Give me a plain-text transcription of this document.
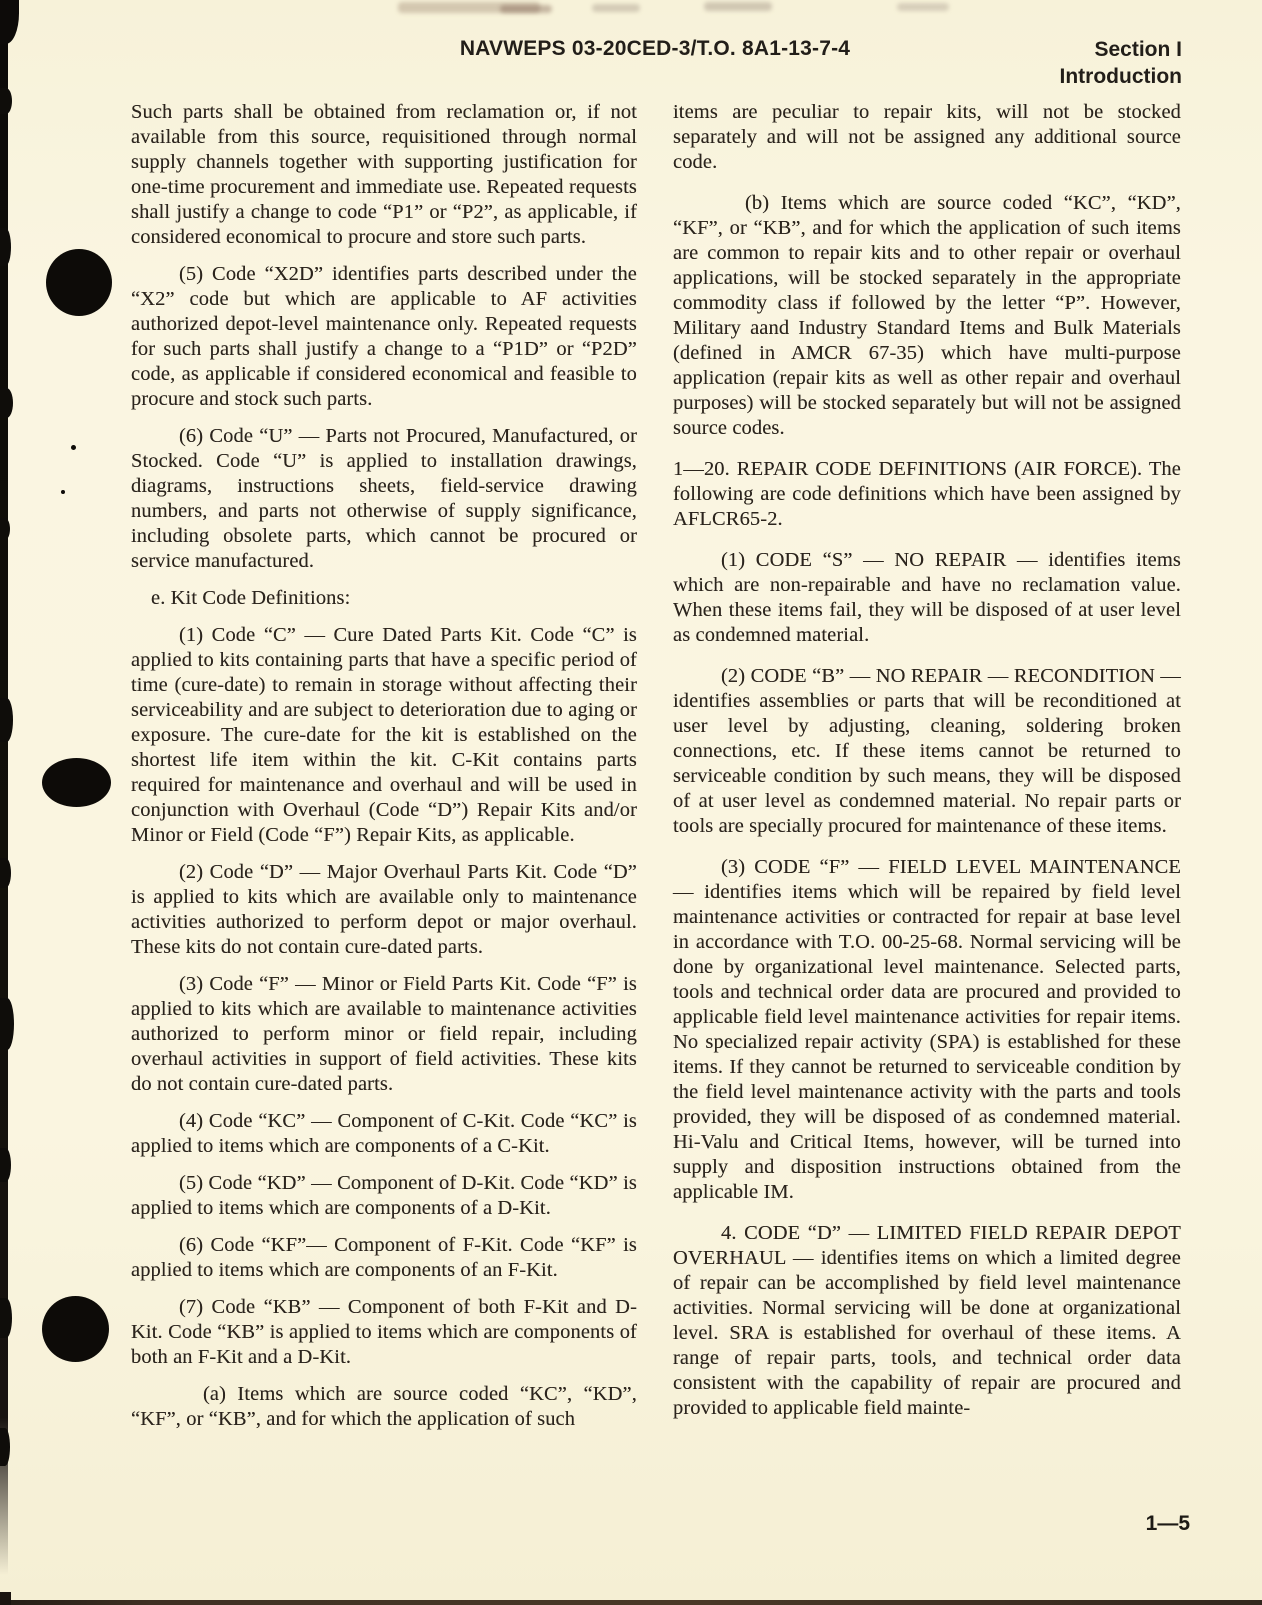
NAVWEPS 03-20CED-3/T.O. 8A1-13-7-4	Section I
Introduction

Such parts shall be obtained from reclamation or, if not available from this source, requisitioned through normal supply channels together with supporting justification for one-time procurement and immediate use. Repeated requests shall justify a change to code “P1” or “P2”, as applicable, if considered economical to procure and store such parts.

(5) Code “X2D” identifies parts described under the “X2” code but which are applicable to AF activities authorized depot-level maintenance only. Repeated requests for such parts shall justify a change to a “P1D” or “P2D” code, as applicable if considered economical and feasible to procure and stock such parts.

(6) Code “U” — Parts not Procured, Manufactured, or Stocked. Code “U” is applied to installation drawings, diagrams, instructions sheets, field-service drawing numbers, and parts not otherwise of supply significance, including obsolete parts, which cannot be procured or service manufactured.

e. Kit Code Definitions:

(1) Code “C” — Cure Dated Parts Kit. Code “C” is applied to kits containing parts that have a specific period of time (cure-date) to remain in storage without affecting their serviceability and are subject to deterioration due to aging or exposure. The cure-date for the kit is established on the shortest life item within the kit. C-Kit contains parts required for maintenance and overhaul and will be used in conjunction with Overhaul (Code “D”) Repair Kits and/or Minor or Field (Code “F”) Repair Kits, as applicable.

(2) Code “D” — Major Overhaul Parts Kit. Code “D” is applied to kits which are available only to maintenance activities authorized to perform depot or major overhaul. These kits do not contain cure-dated parts.

(3) Code “F” — Minor or Field Parts Kit. Code “F” is applied to kits which are available to maintenance activities authorized to perform minor or field repair, including overhaul activities in support of field activities. These kits do not contain cure-dated parts.

(4) Code “KC” — Component of C-Kit. Code “KC” is applied to items which are components of a C-Kit.

(5) Code “KD” — Component of D-Kit. Code “KD” is applied to items which are components of a D-Kit.

(6) Code “KF”— Component of F-Kit. Code “KF” is applied to items which are components of an F-Kit.

(7) Code “KB” — Component of both F-Kit and D-Kit. Code “KB” is applied to items which are components of both an F-Kit and a D-Kit.

(a) Items which are source coded “KC”, “KD”, “KF”, or “KB”, and for which the application of such

items are peculiar to repair kits, will not be stocked separately and will not be assigned any additional source code.

(b) Items which are source coded “KC”, “KD”, “KF”, or “KB”, and for which the application of such items are common to repair kits and to other repair or overhaul applications, will be stocked separately in the appropriate commodity class if followed by the letter “P”. However, Military aand Industry Standard Items and Bulk Materials (defined in AMCR 67-35) which have multi-purpose application (repair kits as well as other repair and overhaul purposes) will be stocked separately but will not be assigned source codes.

1—20. REPAIR CODE DEFINITIONS (AIR FORCE). The following are code definitions which have been assigned by AFLCR65-2.

(1) CODE “S” — NO REPAIR — identifies items which are non-repairable and have no reclamation value. When these items fail, they will be disposed of at user level as condemned material.

(2) CODE “B” — NO REPAIR — RECONDITION — identifies assemblies or parts that will be reconditioned at user level by adjusting, cleaning, soldering broken connections, etc. If these items cannot be returned to serviceable condition by such means, they will be disposed of at user level as condemned material. No repair parts or tools are specially procured for maintenance of these items.

(3) CODE “F” — FIELD LEVEL MAINTENANCE — identifies items which will be repaired by field level maintenance activities or contracted for repair at base level in accordance with T.O. 00-25-68. Normal servicing will be done by organizational level maintenance. Selected parts, tools and technical order data are procured and provided to applicable field level maintenance activities for repair items. No specialized repair activity (SPA) is established for these items. If they cannot be returned to serviceable condition by the field level maintenance activity with the parts and tools provided, they will be disposed of as condemned material. Hi-Valu and Critical Items, however, will be turned into supply and disposition instructions obtained from the applicable IM.

4. CODE “D” — LIMITED FIELD REPAIR DEPOT OVERHAUL — identifies items on which a limited degree of repair can be accomplished by field level maintenance activities. Normal servicing will be done at organizational level. SRA is established for overhaul of these items. A range of repair parts, tools, and technical order data consistent with the capability of repair are procured and provided to applicable field mainte-

1—5
